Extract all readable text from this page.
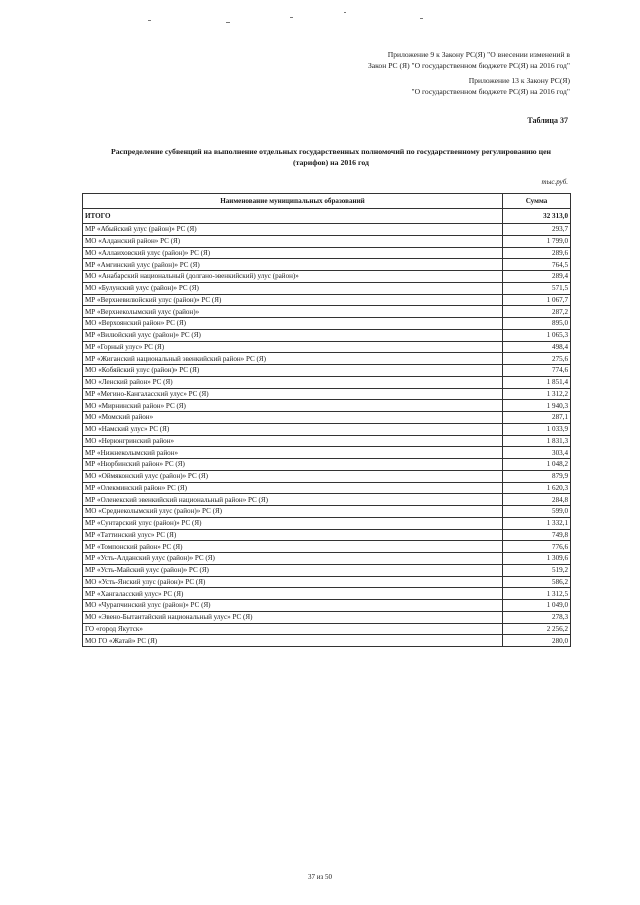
Приложение 9 к Закону РС(Я) "О внесении изменений в
Закон РС (Я) "О государственном бюджете РС(Я) на 2016 год"
Приложение 13 к Закону РС(Я)
"О государственном бюджете РС(Я) на 2016 год"
Таблица 37
Распределение субвенций на выполнение отдельных государственных полномочий по государственному регулированию цен
(тарифов) на 2016 год
тыс.руб.
Наименование муниципальных образований	Сумма
ИТОГО	32 313,0
МР «Абыйский улус (район)» РС (Я)	293,7
МО «Алданский район» РС (Я)	1 799,0
МО «Аллаиховский улус (район)» РС (Я)	289,6
МР «Амгинский улус (район)» РС (Я)	764,5
МО «Анабарский национальный (долгано-эвенкийский) улус (район)»	289,4
МО «Булунский улус (район)» РС (Я)	571,5
МР «Верхневилюйский улус (район)» РС (Я)	1 067,7
МР «Верхнеколымский улус (район)»	287,2
МО «Верхоянский район» РС (Я)	895,0
МР «Вилюйский улус (район)» РС (Я)	1 065,3
МР «Горный улус» РС (Я)	498,4
МР «Жиганский национальный эвенкийский район» РС (Я)	275,6
МО «Кобяйский улус (район)» РС (Я)	774,6
МО «Ленский район» РС (Я)	1 851,4
МР «Мегино-Кангаласский улус» РС (Я)	1 312,2
МО «Мирнинский район» РС (Я)	1 940,3
МО «Момский район»	287,1
МО «Намский улус» РС (Я)	1 033,9
МО «Нерюнгринский район»	1 831,3
МР «Нижнеколымский район»	303,4
МР «Нюрбинский район» РС (Я)	1 048,2
МО «Оймяконский улус (район)» РС (Я)	879,9
МР «Олекминский район» РС (Я)	1 620,3
МР «Оленекский эвенкийский национальный район» РС (Я)	284,8
МО «Среднеколымский улус (район)» РС (Я)	599,0
МР «Сунтарский улус (район)» РС (Я)	1 332,1
МР «Таттинский улус» РС (Я)	749,8
МР «Томпонский район» РС (Я)	776,6
МР «Усть-Алданский улус (район)» РС (Я)	1 309,6
МР «Усть-Майский улус (район)» РС (Я)	519,2
МО «Усть-Янский улус (район)» РС (Я)	586,2
МР «Хангаласский улус» РС (Я)	1 312,5
МО «Чурапчинский улус (район)» РС (Я)	1 049,0
МО «Эвено-Бытантайский национальный улус» РС (Я)	278,3
ГО «город Якутск»	2 256,2
МО ГО «Жатай» РС (Я)	280,0
37 из 50
